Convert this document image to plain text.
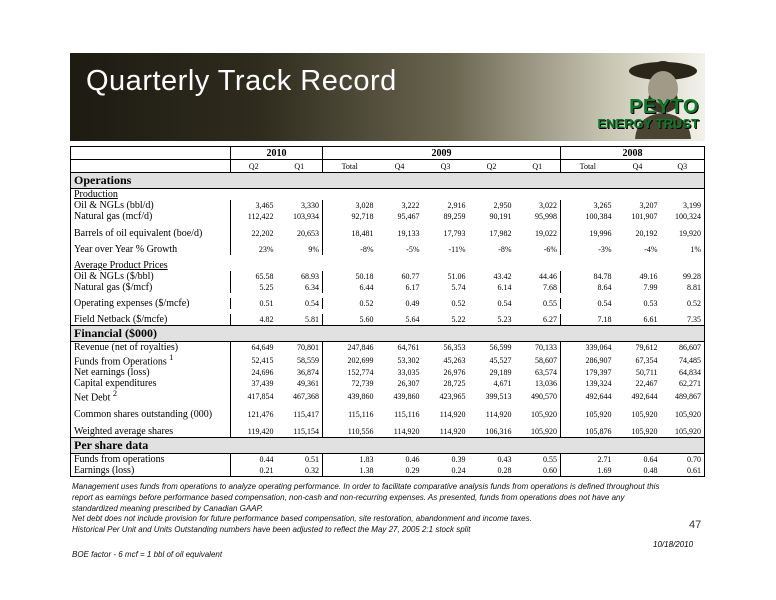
Quarterly Track Record
PEYTO
ENERGY TRUST
	2010		2009					2008		
	Q2	Q1	Total	Q4	Q3	Q2	Q1	Total	Q4	Q3
Operations										
Production										
Oil & NGLs (bbl/d)	3,465	3,330	3,028	3,222	2,916	2,950	3,022	3,265	3,207	3,199
Natural gas (mcf/d)	112,422	103,934	92,718	95,467	89,259	90,191	95,998	100,384	101,907	100,324
Barrels of oil equivalent (boe/d)	22,202	20,653	18,481	19,133	17,793	17,982	19,022	19,996	20,192	19,920
Year over Year % Growth	23%	9%	-8%	-5%	-11%	-8%	-6%	-3%	-4%	1%

Average Product Prices										
Oil & NGLs ($/bbl)	65.58	68.93	50.18	60.77	51.06	43.42	44.46	84.78	49.16	99.28
Natural gas ($/mcf)	5.25	6.34	6.44	6.17	5.74	6.14	7.68	8.64	7.99	8.81

Operating expenses ($/mcfe)	0.51	0.54	0.52	0.49	0.52	0.54	0.55	0.54	0.53	0.52

Field Netback ($/mcfe)	4.82	5.81	5.60	5.64	5.22	5.23	6.27	7.18	6.61	7.35
Financial ($000)										
Revenue (net of royalties)	64,649	70,801	247,846	64,761	56,353	56,599	70,133	339,064	79,612	86,607
Funds from Operations $^1$	52,415	58,559	202,699	53,302	45,263	45,527	58,607	286,907	67,354	74,485
Net earnings (loss)	24,696	36,874	152,774	33,035	26,976	29,189	63,574	179,397	50,711	64,834
Capital expenditures	37,439	49,361	72,739	26,307	28,725	4,671	13,036	139,324	22,467	62,271
Net Debt $^2$	417,854	467,368	439,860	439,860	423,965	399,513	490,570	492,644	492,644	489,867
Common shares outstanding (000)	121,476	115,417	115,116	115,116	114,920	114,920	105,920	105,920	105,920	105,920
Weighted average shares	119,420	115,154	110,556	114,920	114,920	106,316	105,920	105,876	105,920	105,920
Per share data										
Funds from operations	0.44	0.51	1.83	0.46	0.39	0.43	0.55	2.71	0.64	0.70
Earnings (loss)	0.21	0.32	1.38	0.29	0.24	0.28	0.60	1.69	0.48	0.61
Management uses funds from operations to analyze operating performance. In order to facilitate comparative analysis funds from operations is defined throughout this report as earnings before performance based compensation, non-cash and non-recurring expenses. As presented, funds from operations does not have any standardized meaning prescribed by Canadian GAAP.
Net debt does not include provision for future performance based compensation, site restoration, abandonment and income taxes.
Historical Per Unit and Units Outstanding numbers have been adjusted to reflect the May 27, 2005 2:1 stock split	47
10/18/2010
BOE factor - 6 mcf = 1 bbl of oil equivalent
